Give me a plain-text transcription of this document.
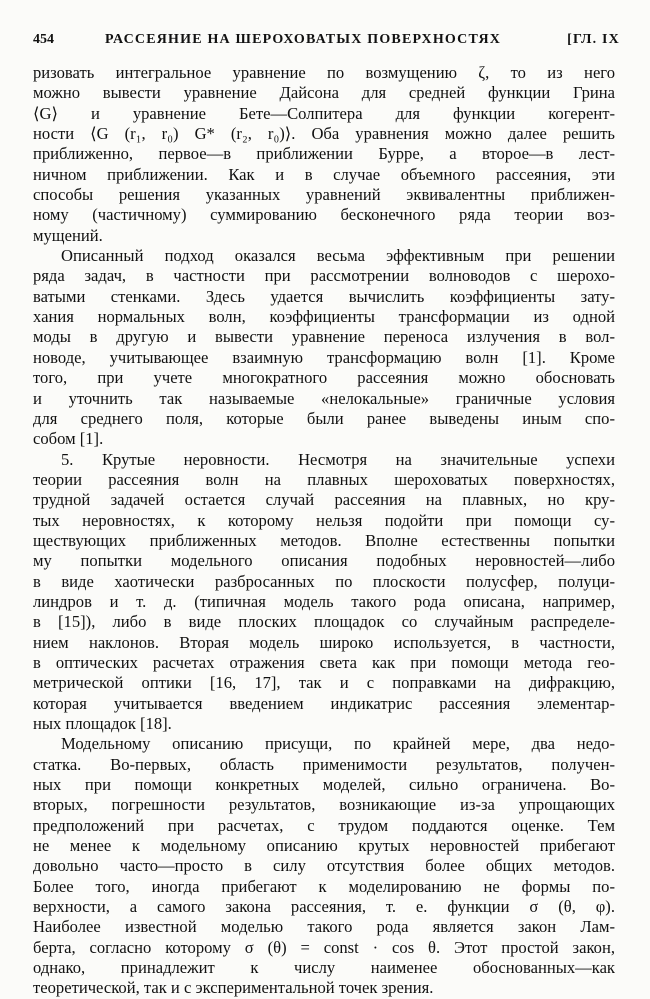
454	РАССЕЯНИЕ НА ШЕРОХОВАТЫХ ПОВЕРХНОСТЯХ	[ГЛ. IX
ризовать интегральное уравнение по возмущению ζ, то из него
можно вывести уравнение Дайсона для средней функции Грина
⟨G⟩ и уравнение Бете—Солпитера для функции когерент-
ности ⟨G (r₁, r₀) G* (r₂, r₀)⟩. Оба уравнения можно далее решить
приближенно, первое—в приближении Бурре, а второе—в лест-
ничном приближении. Как и в случае объемного рассеяния, эти
способы решения указанных уравнений эквивалентны приближен-
ному (частичному) суммированию бесконечного ряда теории воз-
мущений.
Описанный подход оказался весьма эффективным при решении
ряда задач, в частности при рассмотрении волноводов с шерохо-
ватыми стенками. Здесь удается вычислить коэффициенты зату-
хания нормальных волн, коэффициенты трансформации из одной
моды в другую и вывести уравнение переноса излучения в вол-
новоде, учитывающее взаимную трансформацию волн [1]. Кроме
того, при учете многократного рассеяния можно обосновать
и уточнить так называемые «нелокальные» граничные условия
для среднего поля, которые были ранее выведены иным спо-
собом [1].
5. Крутые неровности. Несмотря на значительные успехи
теории рассеяния волн на плавных шероховатых поверхностях,
трудной задачей остается случай рассеяния на плавных, но кру-
тых неровностях, к которому нельзя подойти при помощи су-
ществующих приближенных методов. Вполне естественны попытки
му попытки модельного описания подобных неровностей—либо
в виде хаотически разбросанных по плоскости полусфер, полуци-
линдров и т. д. (типичная модель такого рода описана, например,
в [15]), либо в виде плоских площадок со случайным распределе-
нием наклонов. Вторая модель широко используется, в частности,
в оптических расчетах отражения света как при помощи метода гео-
метрической оптики [16, 17], так и с поправками на дифракцию,
которая учитывается введением индикатрис рассеяния элементар-
ных площадок [18].
Модельному описанию присущи, по крайней мере, два недо-
статка. Во-первых, область применимости результатов, получен-
ных при помощи конкретных моделей, сильно ограничена. Во-
вторых, погрешности результатов, возникающие из-за упрощающих
предположений при расчетах, с трудом поддаются оценке. Тем
не менее к модельному описанию крутых неровностей прибегают
довольно часто—просто в силу отсутствия более общих методов.
Более того, иногда прибегают к моделированию не формы по-
верхности, а самого закона рассеяния, т. е. функции σ (θ, φ).
Наиболее известной моделью такого рода является закон Лам-
берта, согласно которому σ (θ) = const · cos θ. Этот простой закон,
однако, принадлежит к числу наименее обоснованных—как
теоретической, так и с экспериментальной точек зрения.
